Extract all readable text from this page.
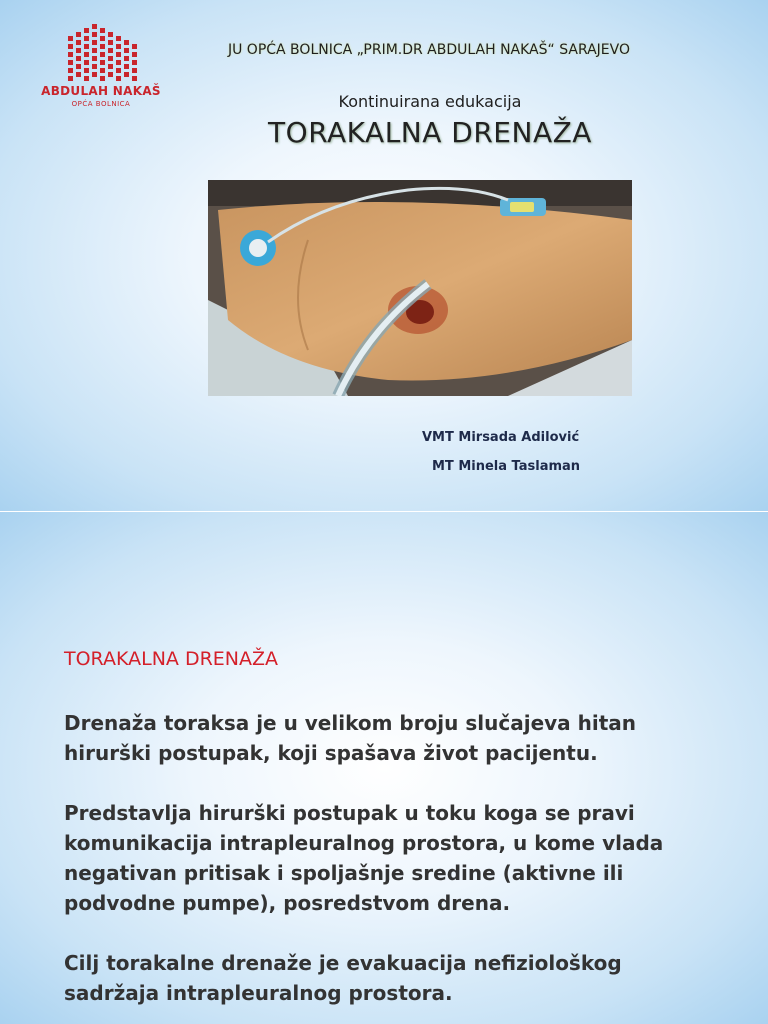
ABDULAH NAKAŠ
OPĆA BOLNICA
JU OPĆA BOLNICA „PRIM.DR ABDULAH NAKAŠ“ SARAJEVO
Kontinuirana edukacija
TORAKALNA DRENAŽA
VMT Mirsada Adilović
MT Minela Taslaman
TORAKALNA DRENAŽA
Drenaža toraksa je u velikom broju slučajeva hitan
hirurški postupak, koji spašava život pacijentu.
Predstavlja hirurški postupak u toku koga se pravi
komunikacija intrapleuralnog prostora, u kome vlada
negativan pritisak i spoljašnje sredine (aktivne ili
podvodne pumpe), posredstvom drena.
Cilj torakalne drenaže je evakuacija nefiziološkog
sadržaja intrapleuralnog prostora.
